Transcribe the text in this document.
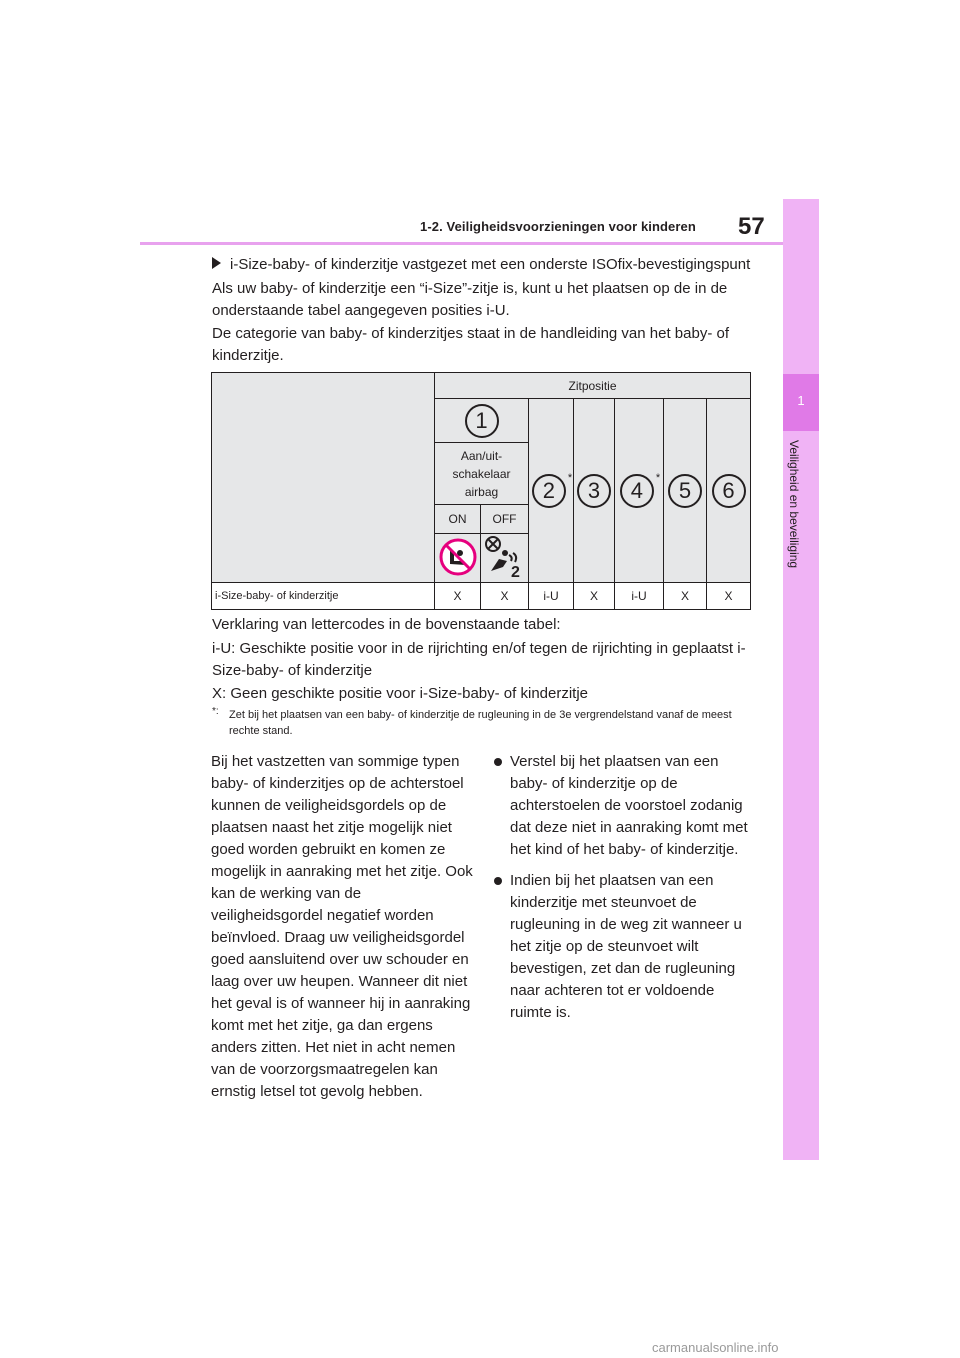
57
1-2. Veiligheidsvoorzieningen voor kinderen
1
Veiligheid en beveiliging
i-Size-baby- of kinderzitje vastgezet met een onderste ISOfix-bevestigingspunt
Als uw baby- of kinderzitje een “i-Size”-zitje is, kunt u het plaatsen op de in de onderstaande tabel aangegeven posities i-U.
De categorie van baby- of kinderzitjes staat in de handleiding van het baby- of kinderzitje.
	Zitpositie						
	1		2 *	3	4 *	5	6
	Aan/uit-schakelaar airbag						
	ON	OFF					

2					

i-Size-baby- of kinderzitje	X	X	i-U	X	i-U	X	X
Verklaring van lettercodes in de bovenstaande tabel:
i-U: Geschikte positie voor in de rijrichting en/of tegen de rijrichting in geplaatst i-Size-baby- of kinderzitje
X: Geen geschikte positie voor i-Size-baby- of kinderzitje
*: Zet bij het plaatsen van een baby- of kinderzitje de rugleuning in de 3e vergrendelstand vanaf de meest rechte stand.
Bij het vastzetten van sommige typen baby- of kinderzitjes op de achterstoel kunnen de veiligheidsgordels op de plaatsen naast het zitje mogelijk niet goed worden gebruikt en komen ze mogelijk in aanraking met het zitje. Ook kan de werking van de veiligheidsgordel negatief worden beïnvloed. Draag uw veiligheidsgordel goed aansluitend over uw schouder en laag over uw heupen. Wanneer dit niet het geval is of wanneer hij in aanraking komt met het zitje, ga dan ergens anders zitten. Het niet in acht nemen van de voorzorgsmaatregelen kan ernstig letsel tot gevolg hebben.
Verstel bij het plaatsen van een baby- of kinderzitje op de achterstoelen de voorstoel zodanig dat deze niet in aanraking komt met het kind of het baby- of kinderzitje.
Indien bij het plaatsen van een kinderzitje met steunvoet de rugleuning in de weg zit wanneer u het zitje op de steunvoet wilt bevestigen, zet dan de rugleuning naar achteren tot er voldoende ruimte is.
carmanualsonline.info
